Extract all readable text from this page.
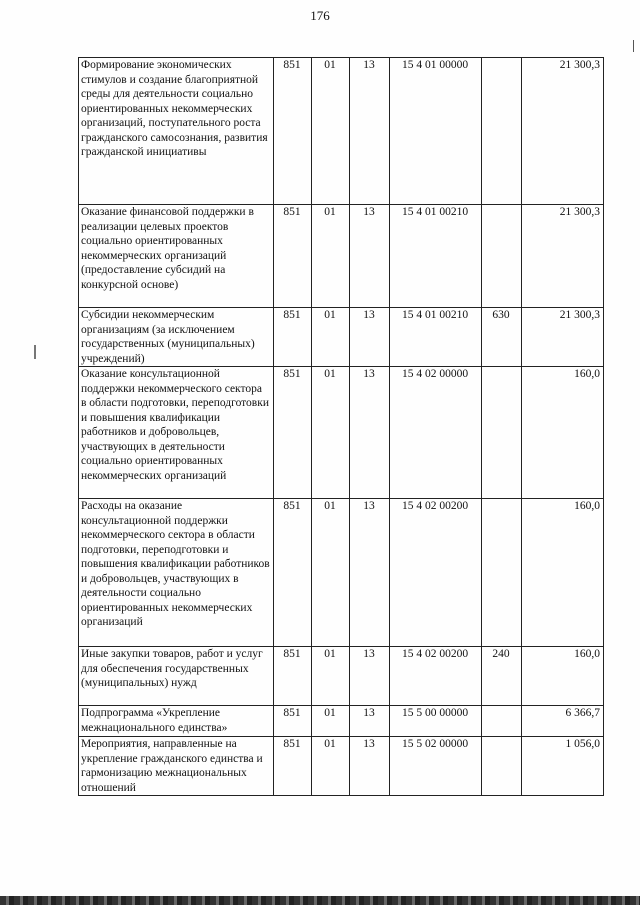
176
Формирование экономических стимулов и создание благоприятной среды для деятельности социально ориентированных некоммерческих организаций, поступательного роста гражданского самосознания, развития гражданской инициативы	851	01	13	15 4 01 00000		21 300,3
Оказание финансовой поддержки в реализации целевых проектов социально ориентированных некоммерческих организаций (предоставление субсидий на конкурсной основе)	851	01	13	15 4 01 00210		21 300,3
Субсидии некоммерческим организациям (за исключением государственных (муниципальных) учреждений)	851	01	13	15 4 01 00210	630	21 300,3
Оказание консультационной поддержки некоммерческого сектора в области подготовки, переподготовки и повышения квалификации работников и добровольцев, участвующих в деятельности социально ориентированных некоммерческих организаций	851	01	13	15 4 02 00000		160,0
Расходы на оказание консультационной поддержки некоммерческого сектора в области подготовки, переподготовки и повышения квалификации работников и добровольцев, участвующих в деятельности социально ориентированных некоммерческих организаций	851	01	13	15 4 02 00200		160,0
Иные закупки товаров, работ и услуг для обеспечения государственных (муниципальных) нужд	851	01	13	15 4 02 00200	240	160,0
Подпрограмма «Укрепление межнационального единства»	851	01	13	15 5 00 00000		6 366,7
Мероприятия, направленные на укрепление гражданского единства и гармонизацию межнациональных отношений	851	01	13	15 5 02 00000		1 056,0
